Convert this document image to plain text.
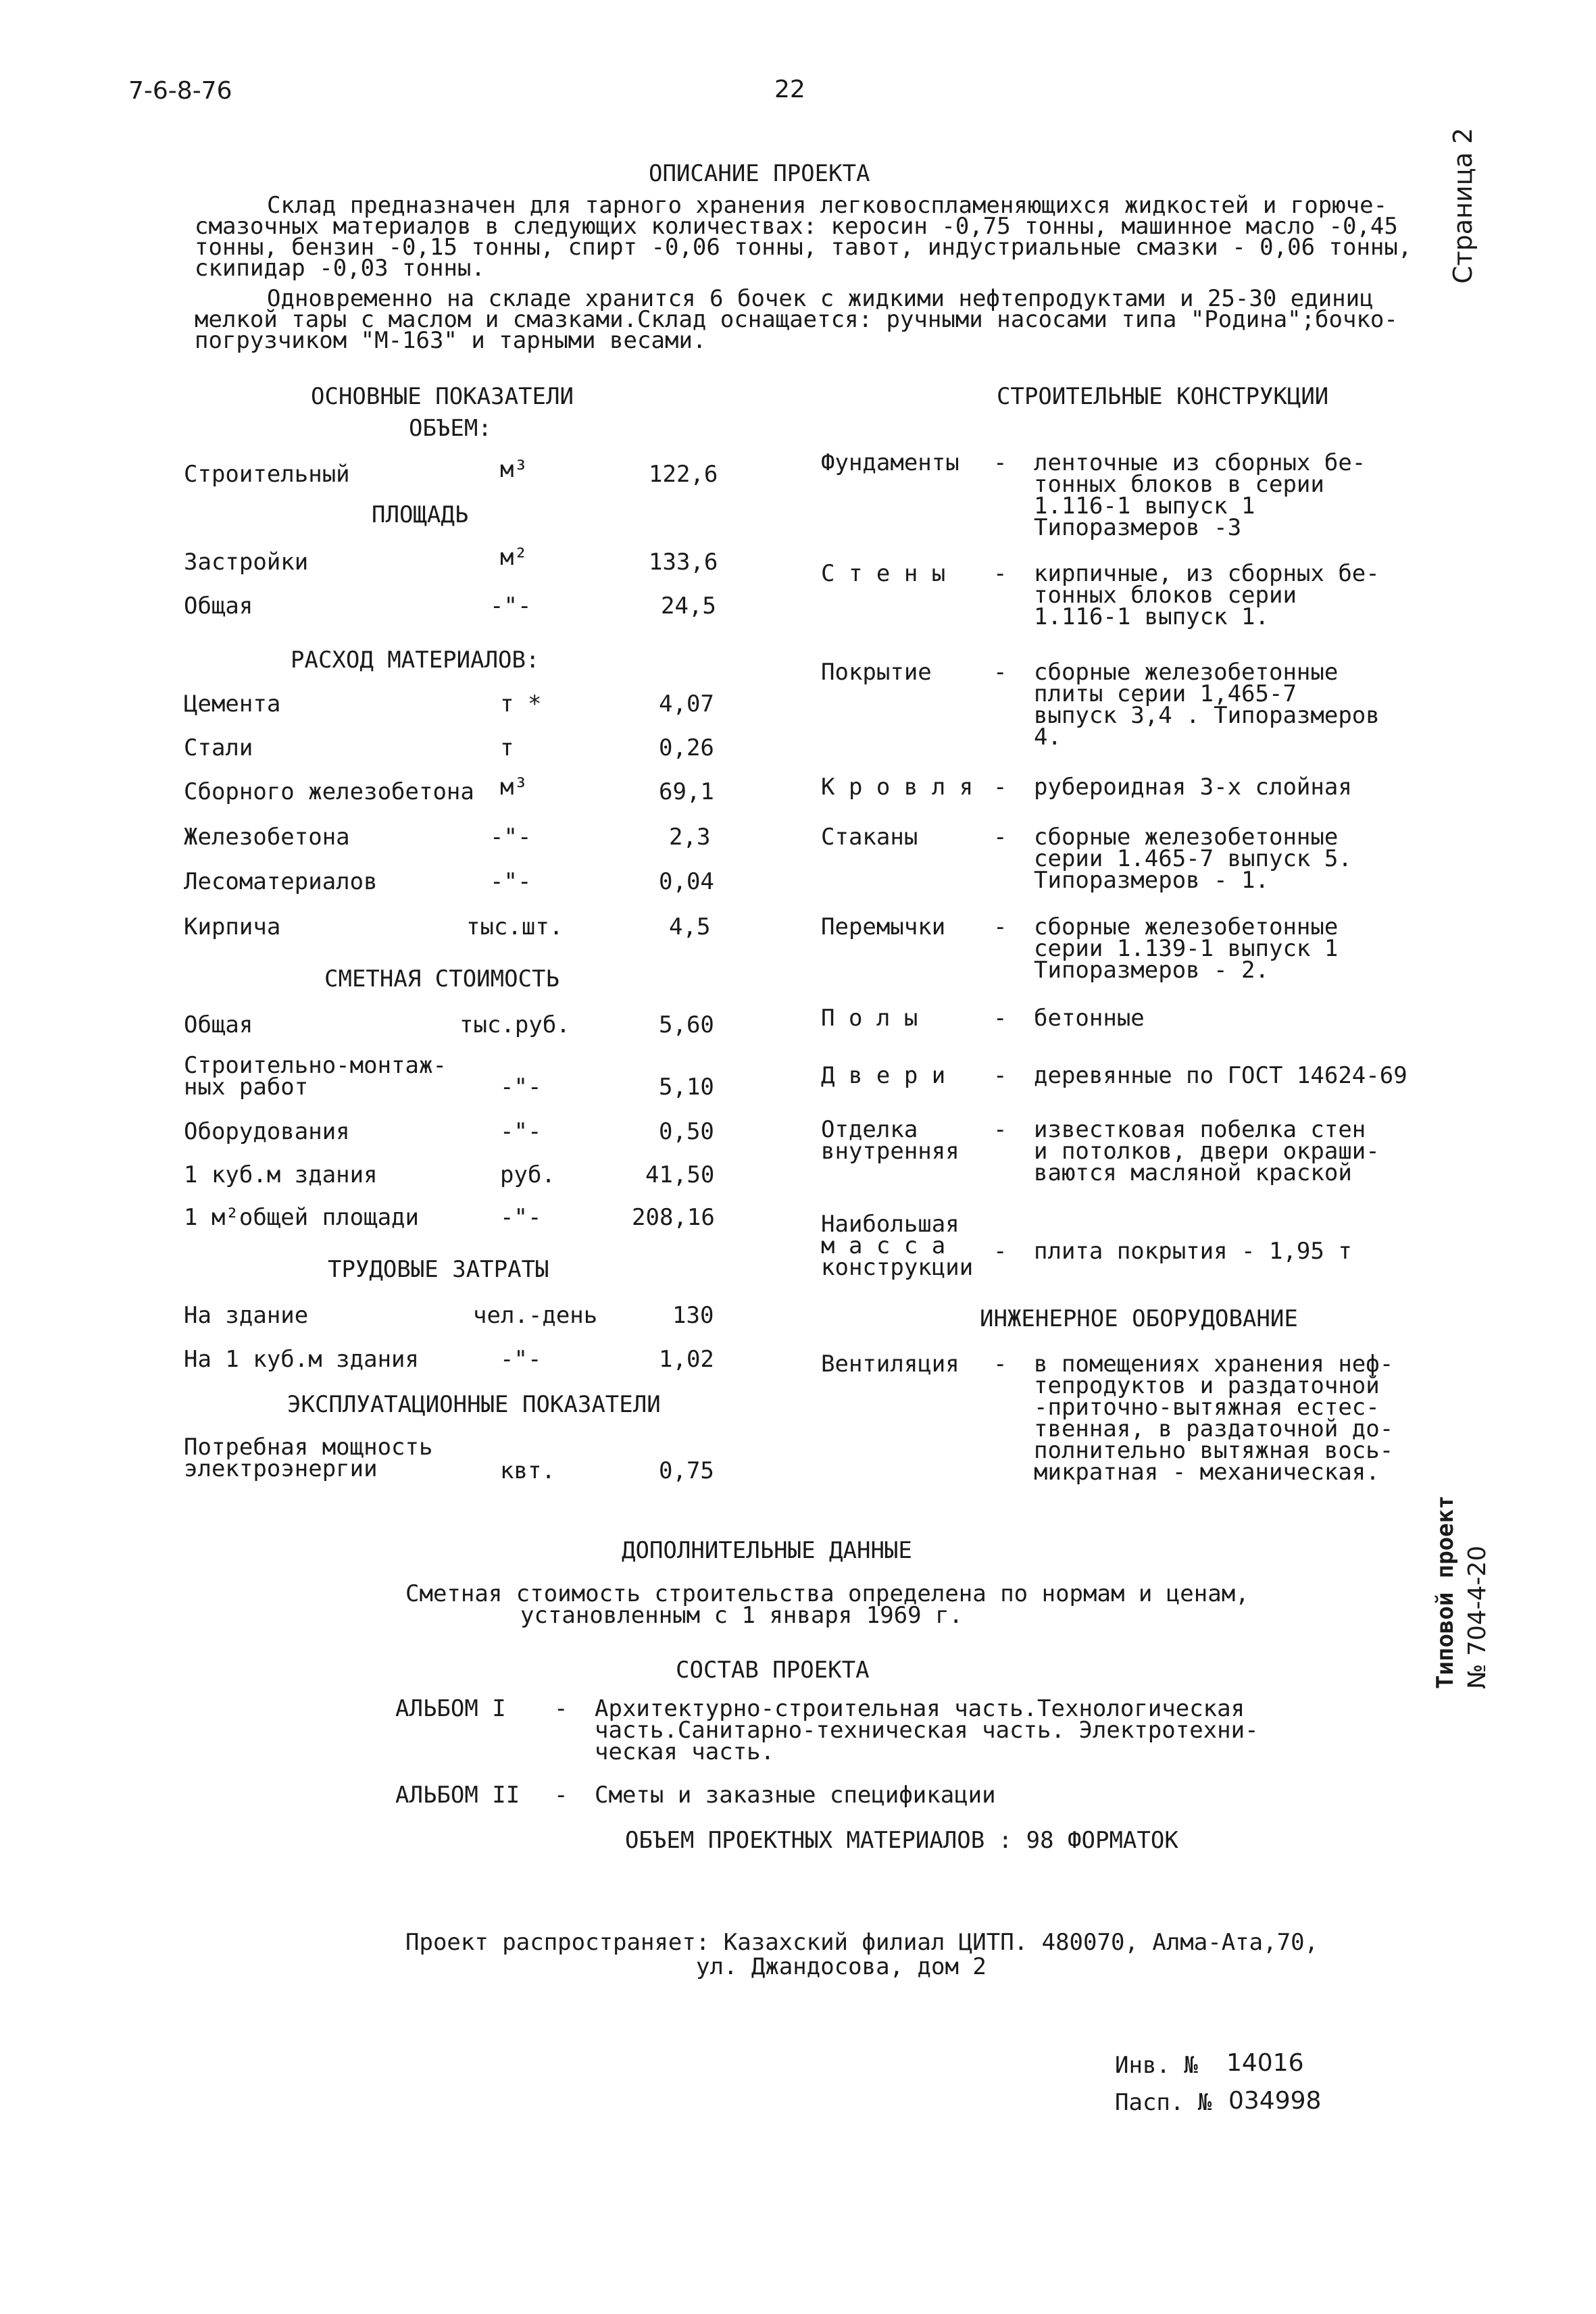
7-6-8-76	22
Страница 2
Типовой проект № 704-4-20
ОПИСАНИЕ ПРОЕКТА
Склад предназначен для тарного хранения легковоспламеняющихся жидкостей и горюче-
смазочных материалов в следующих количествах: керосин -0,75 тонны, машинное масло -0,45
тонны, бензин -0,15 тонны, спирт -0,06 тонны, тавот, индустриальные смазки - 0,06 тонны,
скипидар -0,03 тонны.
Одновременно на складе хранится 6 бочек с жидкими нефтепродуктами и 25-30 единиц
мелкой тары с маслом и смазками.Склад оснащается: ручными насосами типа "Родина";бочко-
погрузчиком "М-163" и тарными весами.
ОСНОВНЫЕ ПОКАЗАТЕЛИ
ОБЪЕМ:
Строительный	м³	122,6
ПЛОЩАДЬ
Застройки	м²	133,6
Общая	-"-	24,5
РАСХОД МАТЕРИАЛОВ:
Цемента	т *	4,07
Стали	т	0,26
Сборного железобетона м³	69,1
Железобетона	-"-	2,3
Лесоматериалов	-"-	0,04
Кирпича	тыс.шт.	4,5
СМЕТНАЯ СТОИМОСТЬ
Общая	тыс.руб.	5,60
Строительно-монтаж-
ных работ	-"-	5,10
Оборудования	-"-	0,50
1 куб.м здания	руб.	41,50
1 м²общей площади	-"-	208,16
ТРУДОВЫЕ ЗАТРАТЫ
На здание	чел.-день	130
На 1 куб.м здания	-"-	1,02
ЭКСПЛУАТАЦИОННЫЕ ПОКАЗАТЕЛИ
Потребная мощность
электроэнергии	квт.	0,75
СТРОИТЕЛЬНЫЕ КОНСТРУКЦИИ
Фундаменты - ленточные из сборных бе-
тонных блоков в серии
1.116-1 выпуск 1
Типоразмеров -3
С т е н ы - кирпичные, из сборных бе-
тонных блоков серии
1.116-1 выпуск 1.
Покрытие	- сборные железобетонные
плиты серии 1,465-7
выпуск 3,4 . Типоразмеров
4.
К р о в л я - рубероидная 3-х слойная
Стаканы	- сборные железобетонные
серии 1.465-7 выпуск 5.
Типоразмеров - 1.
Перемычки - сборные железобетонные
серии 1.139-1 выпуск 1
Типоразмеров - 2.
П о л ы	- бетонные
Д в е р и - деревянные по ГОСТ 14624-69
Отделка
внутренняя
- известковая побелка стен
и потолков, двери окраши-
ваются масляной краской
Наибольшая
м а с с а
конструкции
- плита покрытия - 1,95 т
ИНЖЕНЕРНОЕ ОБОРУДОВАНИЕ
Вентиляция - в помещениях хранения неф-
тепродуктов и раздаточной
-приточно-вытяжная естес-
твенная, в раздаточной до-
полнительно вытяжная вось-
микратная - механическая.
ДОПОЛНИТЕЛЬНЫЕ ДАННЫЕ
Сметная стоимость строительства определена по нормам и ценам,
установленным с 1 января 1969 г.
СОСТАВ ПРОЕКТА
АЛЬБОМ I - Архитектурно-строительная часть.Технологическая
часть.Санитарно-техническая часть. Электротехни-
ческая часть.
АЛЬБОМ II - Сметы и заказные спецификации
ОБЪЕМ ПРОЕКТНЫХ МАТЕРИАЛОВ : 98 ФОРМАТОК
Проект распространяет: Казахский филиал ЦИТП. 480070, Алма-Ата,70,
ул. Джандосова, дом 2
Инв. № 14016
Пасп. № 034998
